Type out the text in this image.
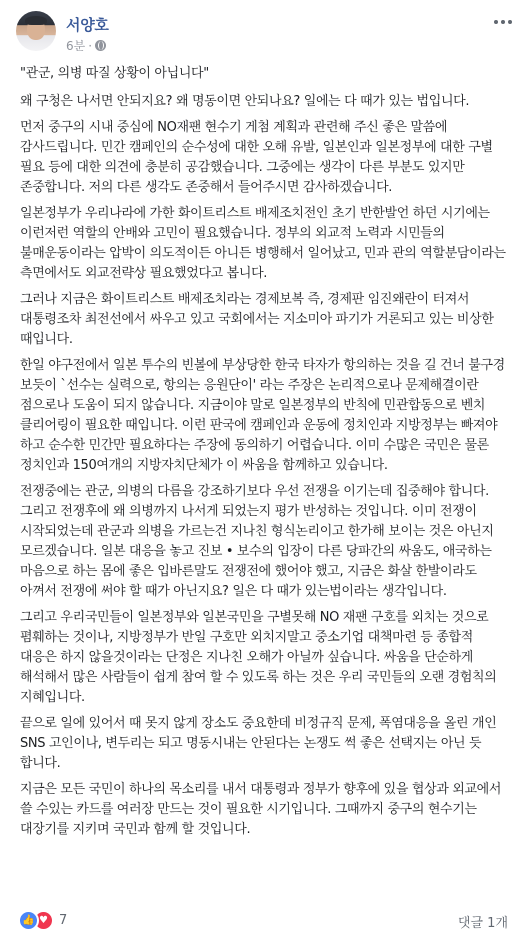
서양호
6분 ·

"관군, 의병 따질 상황이 아닙니다"

왜 구청은 나서면 안되지요? 왜 명동이면 안되나요? 일에는 다 때가 있는 법입니다.

먼저 중구의 시내 중심에 NO재팬 현수기 게첨 계획과 관련해 주신 좋은 말씀에 감사드립니다. 민간 캠페인의 순수성에 대한 오해 유발, 일본인과 일본정부에 대한 구별 필요 등에 대한 의견에 충분히 공감했습니다. 그중에는 생각이 다른 부분도 있지만 존중합니다. 저의 다른 생각도 존중해서 들어주시면 감사하겠습니다.

일본정부가 우리나라에 가한 화이트리스트 배제조치전인 초기 반한발언 하던 시기에는 이런저런 역할의 안배와 고민이 필요했습니다. 정부의 외교적 노력과 시민들의 불매운동이라는 압박이 의도적이든 아니든 병행해서 일어났고, 민과 관의 역할분담이라는 측면에서도 외교전략상 필요했었다고 봅니다.

그러나 지금은 화이트리스트 배제조치라는 경제보복 즉, 경제판 임진왜란이 터져서 대통령조차 최전선에서 싸우고 있고 국회에서는 지소미아 파기가 거론되고 있는 비상한 때입니다.

한일 야구전에서 일본 투수의 빈볼에 부상당한 한국 타자가 항의하는 것을 길 건너 불구경 보듯이 `선수는 실력으로, 항의는 응원단이' 라는 주장은 논리적으로나 문제해결이란 점으로나 도움이 되지 않습니다. 지금이야 말로 일본정부의 반칙에 민관합동으로 벤치 클리어링이 필요한 때입니다. 이런 판국에 캠페인과 운동에 정치인과 지방정부는 빠져야 하고 순수한 민간만 필요하다는 주장에 동의하기 어렵습니다. 이미 수많은 국민은 물론 정치인과 150여개의 지방자치단체가 이 싸움을 함께하고 있습니다.

전쟁중에는 관군, 의병의 다름을 강조하기보다 우선 전쟁을 이기는데 집중해야 합니다. 그리고 전쟁후에 왜 의병까지 나서게 되었는지 평가 반성하는 것입니다. 이미 전쟁이 시작되었는데 관군과 의병을 가르는건 지나친 형식논리이고 한가해 보이는 것은 아닌지 모르겠습니다. 일본 대응을 놓고 진보 • 보수의 입장이 다른 당파간의 싸움도, 애국하는 마음으로 하는 몸에 좋은 입바른말도 전쟁전에 했어야 했고, 지금은 화살 한발이라도 아껴서 전쟁에 써야 할 때가 아닌지요? 일은 다 때가 있는법이라는 생각입니다.

그리고 우리국민들이 일본정부와 일본국민을 구별못해 NO 재팬 구호를 외치는 것으로 폄훼하는 것이나, 지방정부가 반일 구호만 외치지말고 중소기업 대책마련 등 종합적 대응은 하지 않을것이라는 단정은 지나친 오해가 아닐까 싶습니다. 싸움을 단순하게 해석해서 많은 사람들이 쉽게 참여 할 수 있도록 하는 것은 우리 국민들의 오랜 경험칙의 지혜입니다.

끝으로 일에 있어서 때 못지 않게 장소도 중요한데 비정규직 문제, 폭염대응을 올린 개인 SNS 고인이나, 변두리는 되고 명동시내는 안된다는 논쟁도 썩 좋은 선택지는 아닌 듯 합니다.

지금은 모든 국민이 하나의 목소리를 내서 대통령과 정부가 향후에 있을 협상과 외교에서 쓸 수있는 카드를 여러장 만드는 것이 필요한 시기입니다. 그때까지 중구의 현수기는 대장기를 지키며 국민과 함께 할 것입니다.

👍 ♥ 7	댓글 1개
